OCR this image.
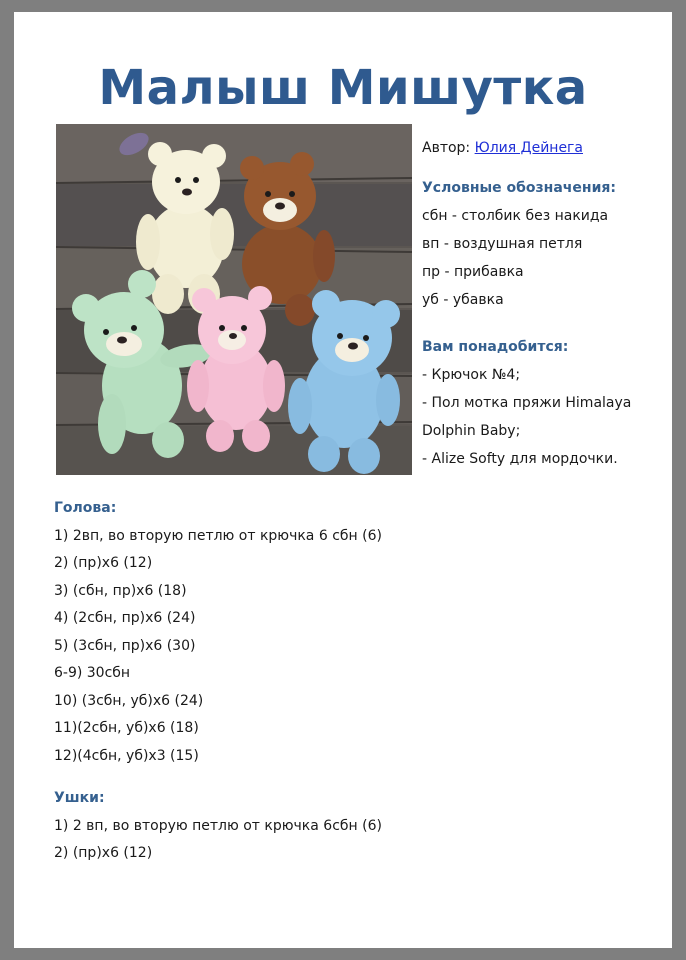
Малыш Мишутка
Автор: Юлия Дейнега
Условные обозначения:
сбн - столбик без накида
вп - воздушная петля
пр - прибавка
уб - убавка
Вам понадобится:
- Крючок №4;
- Пол мотка пряжи Himalaya
Dolphin Baby;
- Alize Softy для мордочки.
Голова:
1) 2вп, во вторую петлю от крючка 6 сбн (6)
2) (пр)х6 (12)
3) (сбн, пр)х6 (18)
4) (2сбн, пр)х6 (24)
5) (3сбн, пр)х6 (30)
6-9) 30сбн
10) (3сбн, уб)х6 (24)
11)(2сбн, уб)х6 (18)
12)(4сбн, уб)х3 (15)
Ушки:
1) 2 вп, во вторую петлю от крючка 6сбн (6)
2) (пр)х6 (12)
